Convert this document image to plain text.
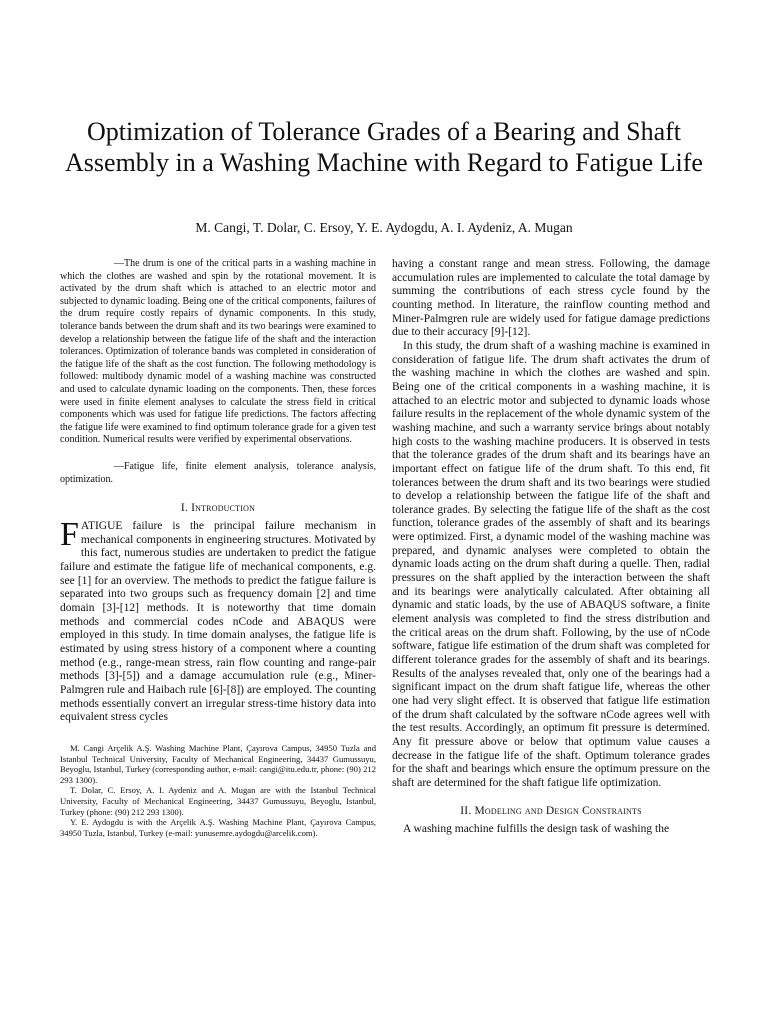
Optimization of Tolerance Grades of a Bearing and Shaft Assembly in a Washing Machine with Regard to Fatigue Life

M. Cangi, T. Dolar, C. Ersoy, Y. E. Aydogdu, A. I. Aydeniz, A. Mugan

—The drum is one of the critical parts in a washing machine in which the clothes are washed and spin by the rotational movement. It is activated by the drum shaft which is attached to an electric motor and subjected to dynamic loading. Being one of the critical components, failures of the drum require costly repairs of dynamic components. In this study, tolerance bands between the drum shaft and its two bearings were examined to develop a relationship between the fatigue life of the shaft and the interaction tolerances. Optimization of tolerance bands was completed in consideration of the fatigue life of the shaft as the cost function. The following methodology is followed: multibody dynamic model of a washing machine was constructed and used to calculate dynamic loading on the components. Then, these forces were used in finite element analyses to calculate the stress field in critical components which was used for fatigue life predictions. The factors affecting the fatigue life were examined to find optimum tolerance grade for a given test condition. Numerical results were verified by experimental observations.

—Fatigue life, finite element analysis, tolerance analysis, optimization.

I. Introduction

FATIGUE failure is the principal failure mechanism in mechanical components in engineering structures. Motivated by this fact, numerous studies are undertaken to predict the fatigue failure and estimate the fatigue life of mechanical components, e.g. see [1] for an overview. The methods to predict the fatigue failure is separated into two groups such as frequency domain [2] and time domain [3]-[12] methods. It is noteworthy that time domain methods and commercial codes nCode and ABAQUS were employed in this study. In time domain analyses, the fatigue life is estimated by using stress history of a component where a counting method (e.g., range-mean stress, rain flow counting and range-pair methods [3]-[5]) and a damage accumulation rule (e.g., Miner-Palmgren rule and Haibach rule [6]-[8]) are employed. The counting methods essentially convert an irregular stress-time history data into equivalent stress cycles

M. Cangi Arçelik A.Ş. Washing Machine Plant, Çayırova Campus, 34950 Tuzla and Istanbul Technical University, Faculty of Mechanical Engineering, 34437 Gumussuyu, Beyoglu, Istanbul, Turkey (corresponding author, e-mail: cangi@itu.edu.tr, phone: (90) 212 293 1300).

T. Dolar, C. Ersoy, A. I. Aydeniz and A. Mugan are with the Istanbul Technical University, Faculty of Mechanical Engineering, 34437 Gumussuyu, Beyoglu, Istanbul, Turkey (phone: (90) 212 293 1300).

Y. E. Aydogdu is with the Arçelik A.Ş. Washing Machine Plant, Çayırova Campus, 34950 Tuzla, Istanbul, Turkey (e-mail: yunusemre.aydogdu@arcelik.com).

having a constant range and mean stress. Following, the damage accumulation rules are implemented to calculate the total damage by summing the contributions of each stress cycle found by the counting method. In literature, the rainflow counting method and Miner-Palmgren rule are widely used for fatigue damage predictions due to their accuracy [9]-[12].

In this study, the drum shaft of a washing machine is examined in consideration of fatigue life. The drum shaft activates the drum of the washing machine in which the clothes are washed and spin. Being one of the critical components in a washing machine, it is attached to an electric motor and subjected to dynamic loads whose failure results in the replacement of the whole dynamic system of the washing machine, and such a warranty service brings about notably high costs to the washing machine producers. It is observed in tests that the tolerance grades of the drum shaft and its bearings have an important effect on fatigue life of the drum shaft. To this end, fit tolerances between the drum shaft and its two bearings were studied to develop a relationship between the fatigue life of the shaft and tolerance grades. By selecting the fatigue life of the shaft as the cost function, tolerance grades of the assembly of shaft and its bearings were optimized. First, a dynamic model of the washing machine was prepared, and dynamic analyses were completed to obtain the dynamic loads acting on the drum shaft during a quelle. Then, radial pressures on the shaft applied by the interaction between the shaft and its bearings were analytically calculated. After obtaining all dynamic and static loads, by the use of ABAQUS software, a finite element analysis was completed to find the stress distribution and the critical areas on the drum shaft. Following, by the use of nCode software, fatigue life estimation of the drum shaft was completed for different tolerance grades for the assembly of shaft and its bearings. Results of the analyses revealed that, only one of the bearings had a significant impact on the drum shaft fatigue life, whereas the other one had very slight effect. It is observed that fatigue life estimation of the drum shaft calculated by the software nCode agrees well with the test results. Accordingly, an optimum fit pressure is determined. Any fit pressure above or below that optimum value causes a decrease in the fatigue life of the shaft. Optimum tolerance grades for the shaft and bearings which ensure the optimum pressure on the shaft are determined for the shaft fatigue life optimization.

II. Modeling and Design Constraints

A washing machine fulfills the design task of washing the
